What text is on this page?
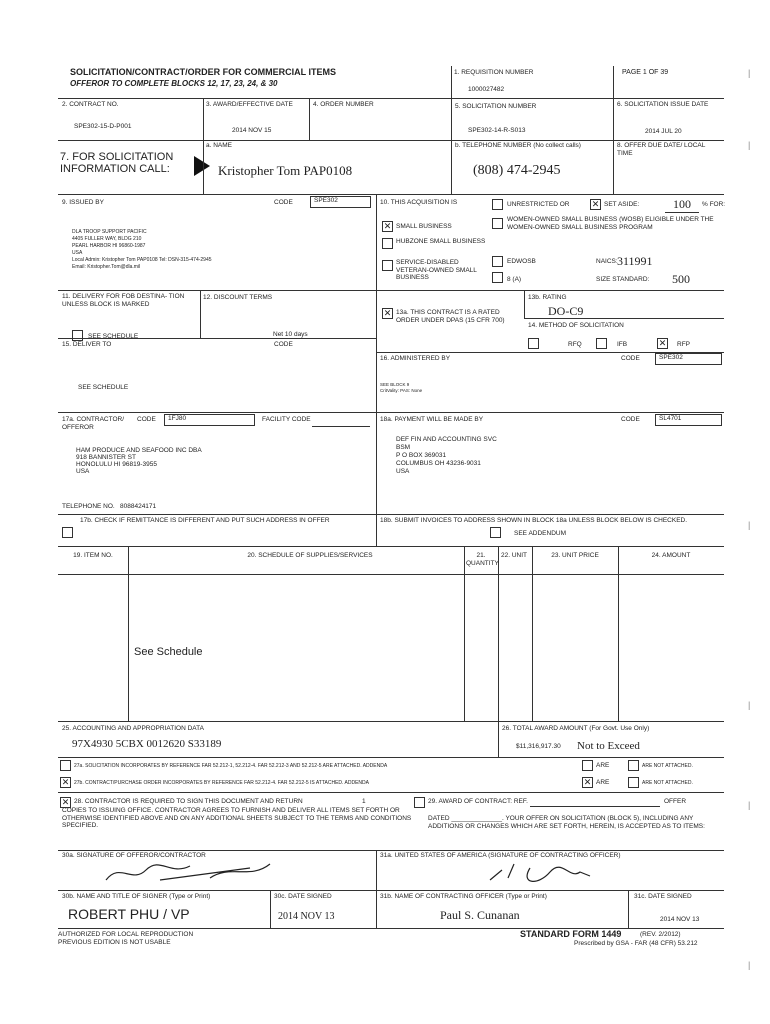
SOLICITATION/CONTRACT/ORDER FOR COMMERCIAL ITEMS
OFFEROR TO COMPLETE BLOCKS 12, 17, 23, 24, & 30
1. REQUISITION NUMBER
1000027482
PAGE 1 OF 39
2. CONTRACT NO.
SPE302-15-D-P001
3. AWARD/EFFECTIVE DATE
2014 NOV 15
4. ORDER NUMBER	5. SOLICITATION NUMBER
SPE302-14-R-S013
6. SOLICITATION ISSUE DATE
2014 JUL 20
7. FOR SOLICITATION INFORMATION CALL:
a. NAME
Kristopher Tom PAP0108
b. TELEPHONE NUMBER (No collect calls)
(808) 474-2945
8. OFFER DUE DATE/ LOCAL TIME
9. ISSUED BY	CODE	SPE302
DLA TROOP SUPPORT PACIFIC
4405 FULLER WAY, BLDG 210
PEARL HARBOR HI 96860-1987
USA
Local Admin: Kristopher Tom PAP0108 Tel: DSN-315-474-2945
Email: Kristopher.Tom@dla.mil
10. THIS ACQUISITION IS	UNRESTRICTED OR ✕ SET ASIDE:	100	% FOR:
✕ SMALL BUSINESS
HUBZONE SMALL BUSINESS
SERVICE-DISABLED VETERAN-OWNED SMALL BUSINESS
WOMEN-OWNED SMALL BUSINESS (WOSB) ELIGIBLE UNDER THE WOMEN-OWNED SMALL BUSINESS PROGRAM
EDWOSB
8 (A)
NAICS: 311991
SIZE STANDARD: 500
11. DELIVERY FOR FOB DESTINA- TION UNLESS BLOCK IS MARKED
SEE SCHEDULE
12. DISCOUNT TERMS
Net 10 days
✕ 13a. THIS CONTRACT IS A RATED ORDER UNDER DPAS (15 CFR 700)
13b. RATING
DO-C9
14. METHOD OF SOLICITATION
RFQ	IFB	✕ RFP
15. DELIVER TO	CODE
SEE SCHEDULE
16. ADMINISTERED BY	CODE	SPE302
SEE BLOCK 9
CritVality: PAS: None
17a. CONTRACTOR/ OFFEROR
CODE	1FJ80	FACILITY CODE
HAM PRODUCE AND SEAFOOD INC DBA
918 BANNISTER ST
HONOLULU HI 96819-3955
USA
TELEPHONE NO. 8088424171
17b. CHECK IF REMITTANCE IS DIFFERENT AND PUT SUCH ADDRESS IN OFFER
18a. PAYMENT WILL BE MADE BY	CODE	SL4701
DEF FIN AND ACCOUNTING SVC
BSM
P O BOX 369031
COLUMBUS OH 43236-9031
USA
18b. SUBMIT INVOICES TO ADDRESS SHOWN IN BLOCK 18a UNLESS BLOCK BELOW IS CHECKED.
SEE ADDENDUM
19. ITEM NO.	20. SCHEDULE OF SUPPLIES/SERVICES	21. QUANTITY
22. UNIT	23. UNIT PRICE	24. AMOUNT
See Schedule
25. ACCOUNTING AND APPROPRIATION DATA
97X4930 5CBX 0012620 S33189
26. TOTAL AWARD AMOUNT (For Govt. Use Only)
$11,316,917.30 Not to Exceed
27a. SOLICITATION INCORPORATES BY REFERENCE FAR 52.212-1, 52.212-4. FAR 52.212-3 AND 52.212-5 ARE ATTACHED. ADDENDA	ARE	ARE NOT ATTACHED.
✕ 27b. CONTRACT/PURCHASE ORDER INCORPORATES BY REFERENCE FAR 52.212-4. FAR 52.212-5 IS ATTACHED. ADDENDA	✕ ARE	ARE NOT ATTACHED.
✕ 28. CONTRACTOR IS REQUIRED TO SIGN THIS DOCUMENT AND RETURN	1
COPIES TO ISSUING OFFICE. CONTRACTOR AGREES TO FURNISH AND DELIVER ALL ITEMS SET FORTH OR OTHERWISE IDENTIFIED ABOVE AND ON ANY ADDITIONAL SHEETS SUBJECT TO THE TERMS AND CONDITIONS SPECIFIED.
29. AWARD OF CONTRACT: REF.	OFFER
DATED ______________. YOUR OFFER ON SOLICITATION (BLOCK 5), INCLUDING ANY ADDITIONS OR CHANGES WHICH ARE SET FORTH, HEREIN, IS ACCEPTED AS TO ITEMS:
30a. SIGNATURE OF OFFEROR/CONTRACTOR	31a. UNITED STATES OF AMERICA (SIGNATURE OF CONTRACTING OFFICER)
30b. NAME AND TITLE OF SIGNER (Type or Print)
ROBERT PHU / VP
30c. DATE SIGNED
2014 NOV 13
31b. NAME OF CONTRACTING OFFICER (Type or Print)
Paul S. Cunanan
31c. DATE SIGNED
2014 NOV 13
AUTHORIZED FOR LOCAL REPRODUCTION
PREVIOUS EDITION IS NOT USABLE
STANDARD FORM 1449	(REV. 2/2012)
Prescribed by GSA - FAR (48 CFR) 53.212
|
|
|
|
|
|
